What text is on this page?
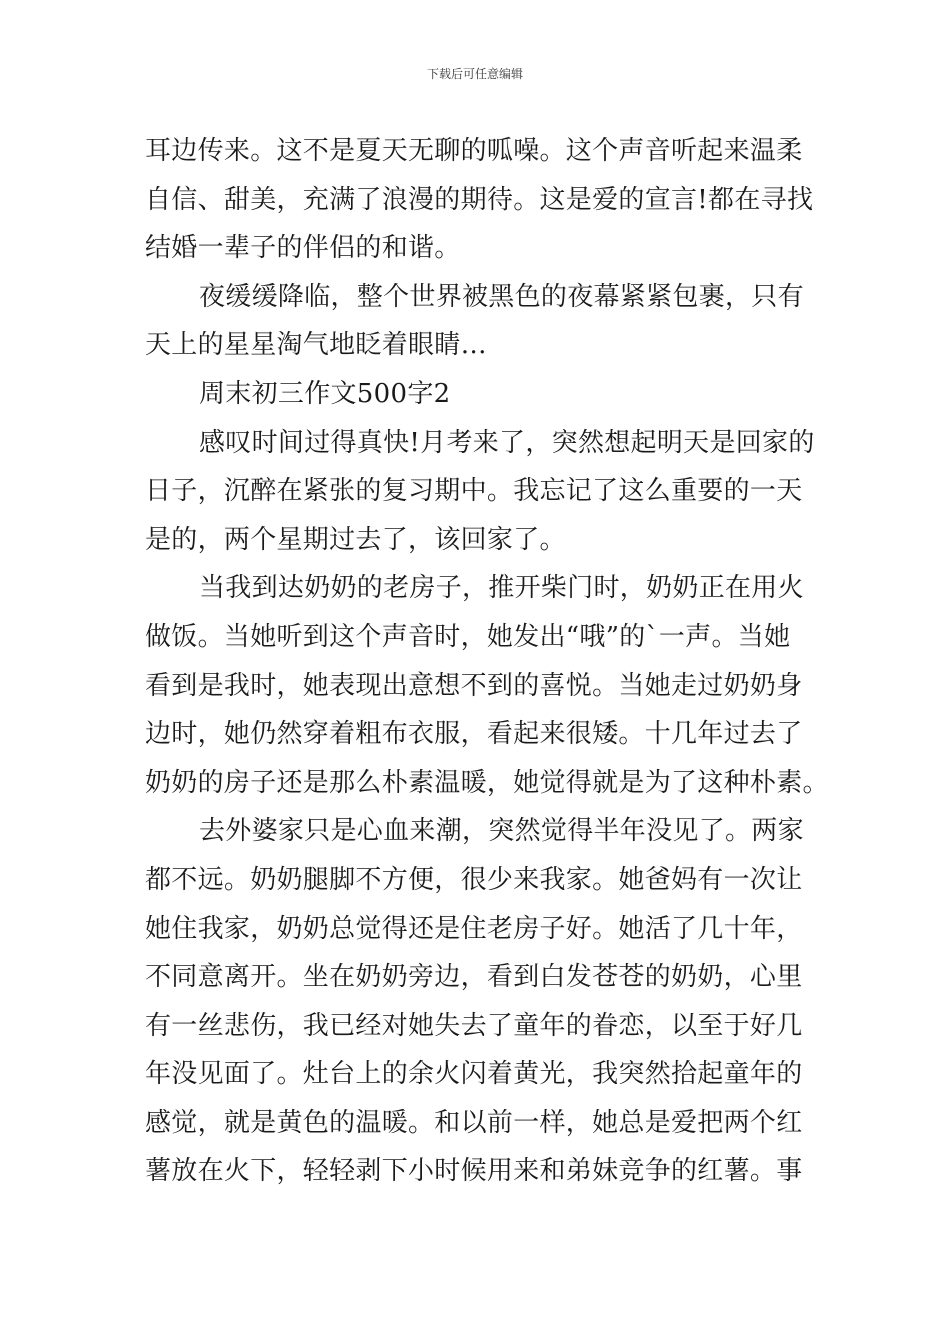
下载后可任意编辑
耳边传来。这不是夏天无聊的呱噪。这个声音听起来温柔
自信、甜美，充满了浪漫的期待。这是爱的宣言!都在寻找
结婚一辈子的伴侣的和谐。
夜缓缓降临，整个世界被黑色的夜幕紧紧包裹，只有
天上的星星淘气地眨着眼睛…
周末初三作文500字2
感叹时间过得真快!月考来了，突然想起明天是回家的
日子，沉醉在紧张的复习期中。我忘记了这么重要的一天
是的，两个星期过去了，该回家了。
当我到达奶奶的老房子，推开柴门时，奶奶正在用火
做饭。当她听到这个声音时，她发出“哦”的`一声。当她
看到是我时，她表现出意想不到的喜悦。当她走过奶奶身
边时，她仍然穿着粗布衣服，看起来很矮。十几年过去了
奶奶的房子还是那么朴素温暖，她觉得就是为了这种朴素。
去外婆家只是心血来潮，突然觉得半年没见了。两家
都不远。奶奶腿脚不方便，很少来我家。她爸妈有一次让
她住我家，奶奶总觉得还是住老房子好。她活了几十年，
不同意离开。坐在奶奶旁边，看到白发苍苍的奶奶，心里
有一丝悲伤，我已经对她失去了童年的眷恋，以至于好几
年没见面了。灶台上的余火闪着黄光，我突然拾起童年的
感觉，就是黄色的温暖。和以前一样，她总是爱把两个红
薯放在火下，轻轻剥下小时候用来和弟妹竞争的红薯。事
